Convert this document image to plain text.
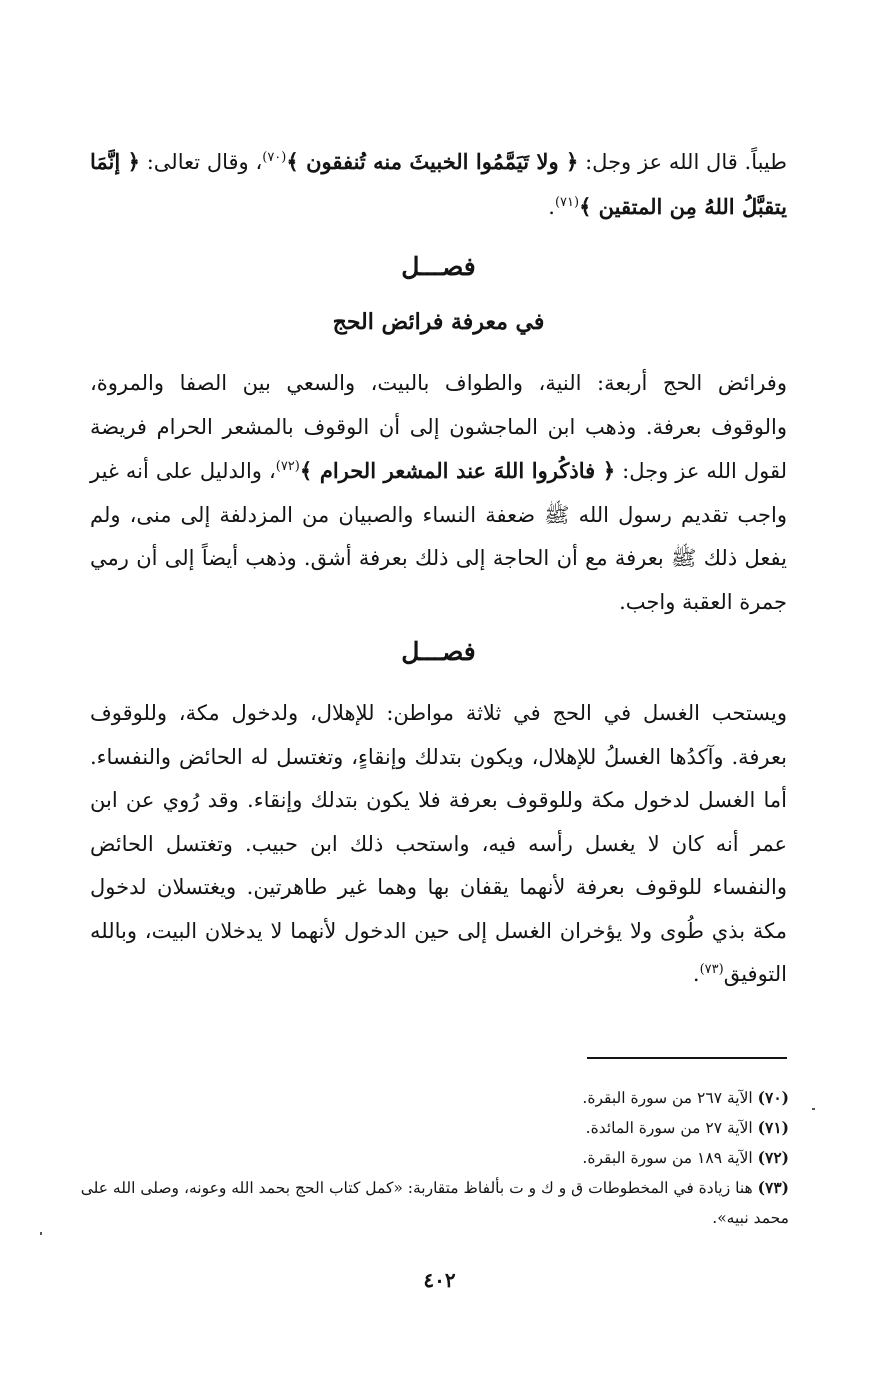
طيباً. قال الله عز وجل: ﴿ ولا تَيَمَّمُوا الخبيثَ منه تُنفقون ﴾$^{(٧٠)}$، وقال تعالى: ﴿ إنَّمَا يتقبَّلُ اللهُ مِن المتقين ﴾$^{(٧١)}$.

فصـــل
في معرفة فرائض الحج

وفرائض الحج أربعة: النية، والطواف بالبيت، والسعي بين الصفا والمروة، والوقوف بعرفة. وذهب ابن الماجشون إلى أن الوقوف بالمشعر الحرام فريضة لقول الله عز وجل: ﴿ فاذكُروا اللهَ عند المشعر الحرام ﴾$^{(٧٢)}$، والدليل على أنه غير واجب تقديم رسول الله ﷺ ضعفة النساء والصبيان من المزدلفة إلى منى، ولم يفعل ذلك ﷺ بعرفة مع أن الحاجة إلى ذلك بعرفة أشق. وذهب أيضاً إلى أن رمي جمرة العقبة واجب.

فصـــل

ويستحب الغسل في الحج في ثلاثة مواطن: للإهلال، ولدخول مكة، وللوقوف بعرفة. وآكدُها الغسلُ للإهلال، ويكون بتدلك وإنقاءٍ، وتغتسل له الحائض والنفساء. أما الغسل لدخول مكة وللوقوف بعرفة فلا يكون بتدلك وإنقاء. وقد رُوي عن ابن عمر أنه كان لا يغسل رأسه فيه، واستحب ذلك ابن حبيب. وتغتسل الحائض والنفساء للوقوف بعرفة لأنهما يقفان بها وهما غير طاهرتين. ويغتسلان لدخول مكة بذي طُوى ولا يؤخران الغسل إلى حين الدخول لأنهما لا يدخلان البيت، وبالله التوفيق$^{(٧٣)}$.

(٧٠) الآية ٢٦٧ من سورة البقرة.

(٧١) الآية ٢٧ من سورة المائدة.

(٧٢) الآية ١٨٩ من سورة البقرة.

(٧٣) هنا زيادة في المخطوطات ق و ك و ت بألفاظ متقاربة: «كمل كتاب الحج بحمد الله وعونه، وصلى الله على محمد نبيه».

٤٠٢
